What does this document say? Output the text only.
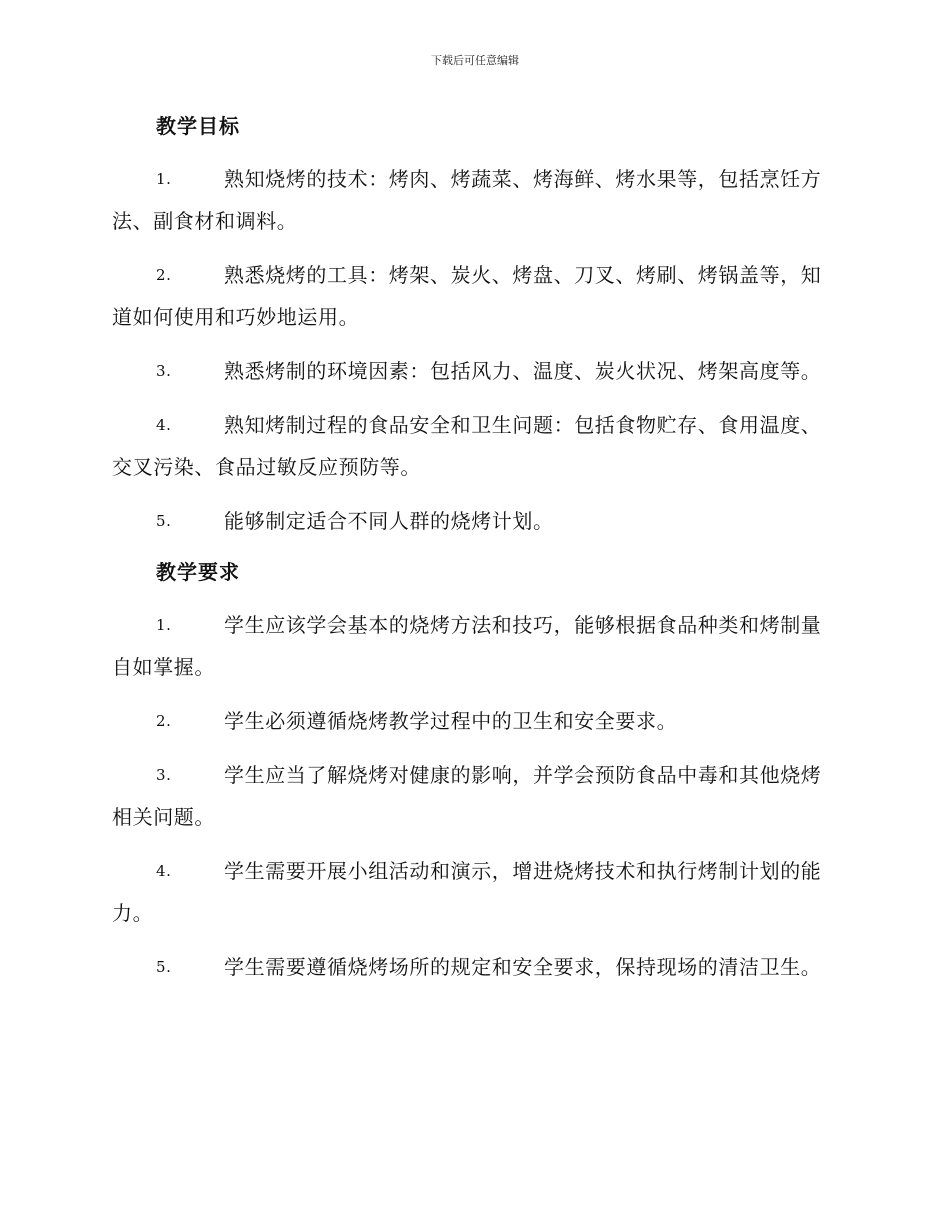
下载后可任意编辑
教学目标
1.	熟知烧烤的技术：烤肉、烤蔬菜、烤海鲜、烤水果等，包括烹饪方法、副食材和调料。
2.	熟悉烧烤的工具：烤架、炭火、烤盘、刀叉、烤刷、烤锅盖等，知道如何使用和巧妙地运用。
3.	熟悉烤制的环境因素：包括风力、温度、炭火状况、烤架高度等。
4.	熟知烤制过程的食品安全和卫生问题：包括食物贮存、食用温度、交叉污染、食品过敏反应预防等。
5.	能够制定适合不同人群的烧烤计划。
教学要求
1.	学生应该学会基本的烧烤方法和技巧，能够根据食品种类和烤制量自如掌握。
2.	学生必须遵循烧烤教学过程中的卫生和安全要求。
3.	学生应当了解烧烤对健康的影响，并学会预防食品中毒和其他烧烤相关问题。
4.	学生需要开展小组活动和演示，增进烧烤技术和执行烤制计划的能力。
5.	学生需要遵循烧烤场所的规定和安全要求，保持现场的清洁卫生。
